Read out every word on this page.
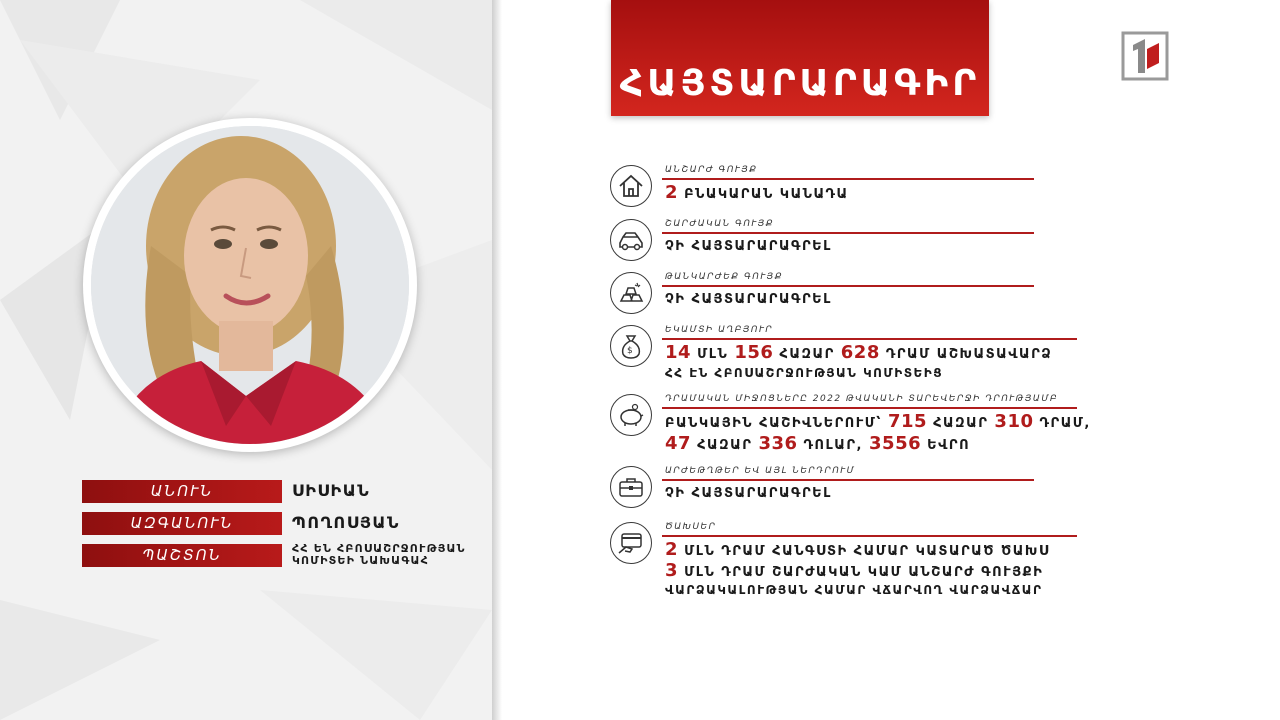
ԱՆՈՒՆ	ՍԻՍԻԱՆ
ԱԶԳԱՆՈՒՆ	ՊՈՂՈՍՅԱՆ
ՊԱՇՏՈՆ	ՀՀ ԵՆ ՀԲՈՍԱՇՐՋՈՒԹՅԱՆ
ԿՈՄԻՏԵԻ ՆԱԽԱԳԱՀ
ՀԱՅՏԱՐԱՐԱԳԻՐ
ԱՆՇԱՐԺ ԳՈՒՅՔ
2 ԲՆԱԿԱՐԱՆ ԿԱՆԱԴԱ
ՇԱՐԺԱԿԱՆ ԳՈՒՅՔ
ՉԻ ՀԱՅՏԱՐԱՐԱԳՐԵԼ
ԹԱՆԿԱՐԺԵՔ ԳՈՒՅՔ
ՉԻ ՀԱՅՏԱՐԱՐԱԳՐԵԼ
$
ԵԿԱՄՏԻ ԱՂԲՅՈՒՐ
14 ՄԼՆ 156 ՀԱԶԱՐ 628 ԴՐԱՄ ԱՇԽԱՏԱՎԱՐՁ
ՀՀ ԷՆ ՀԲՈՍԱՇՐՋՈՒԹՅԱՆ ԿՈՄԻՏԵԻՑ
ԴՐԱՄԱԿԱՆ ՄԻՋՈՑՆԵՐԸ 2022 ԹՎԱԿԱՆԻ ՏԱՐԵՎԵՐՋԻ ԴՐՈՒԹՅԱՄԲ
ԲԱՆԿԱՅԻՆ ՀԱՇԻՎՆԵՐՈՒՄ՝ 715 ՀԱԶԱՐ 310 ԴՐԱՄ,
47 ՀԱԶԱՐ 336 ԴՈԼԱՐ, 3556 ԵՎՐՈ
ԱՐԺԵԹՂԹԵՐ ԵՎ ԱՅԼ ՆԵՐԴՐՈՒՄ
ՉԻ ՀԱՅՏԱՐԱՐԱԳՐԵԼ
ԾԱԽՍԵՐ
2 ՄԼՆ ԴՐԱՄ ՀԱՆԳՍՏԻ ՀԱՄԱՐ ԿԱՏԱՐԱԾ ԾԱԽՍ
3 ՄԼՆ ԴՐԱՄ ՇԱՐԺԱԿԱՆ ԿԱՄ ԱՆՇԱՐԺ ԳՈՒՅՔԻ
ՎԱՐՁԱԿԱԼՈՒԹՅԱՆ ՀԱՄԱՐ ՎՃԱՐՎՈՂ ՎԱՐՁԱՎՃԱՐ
